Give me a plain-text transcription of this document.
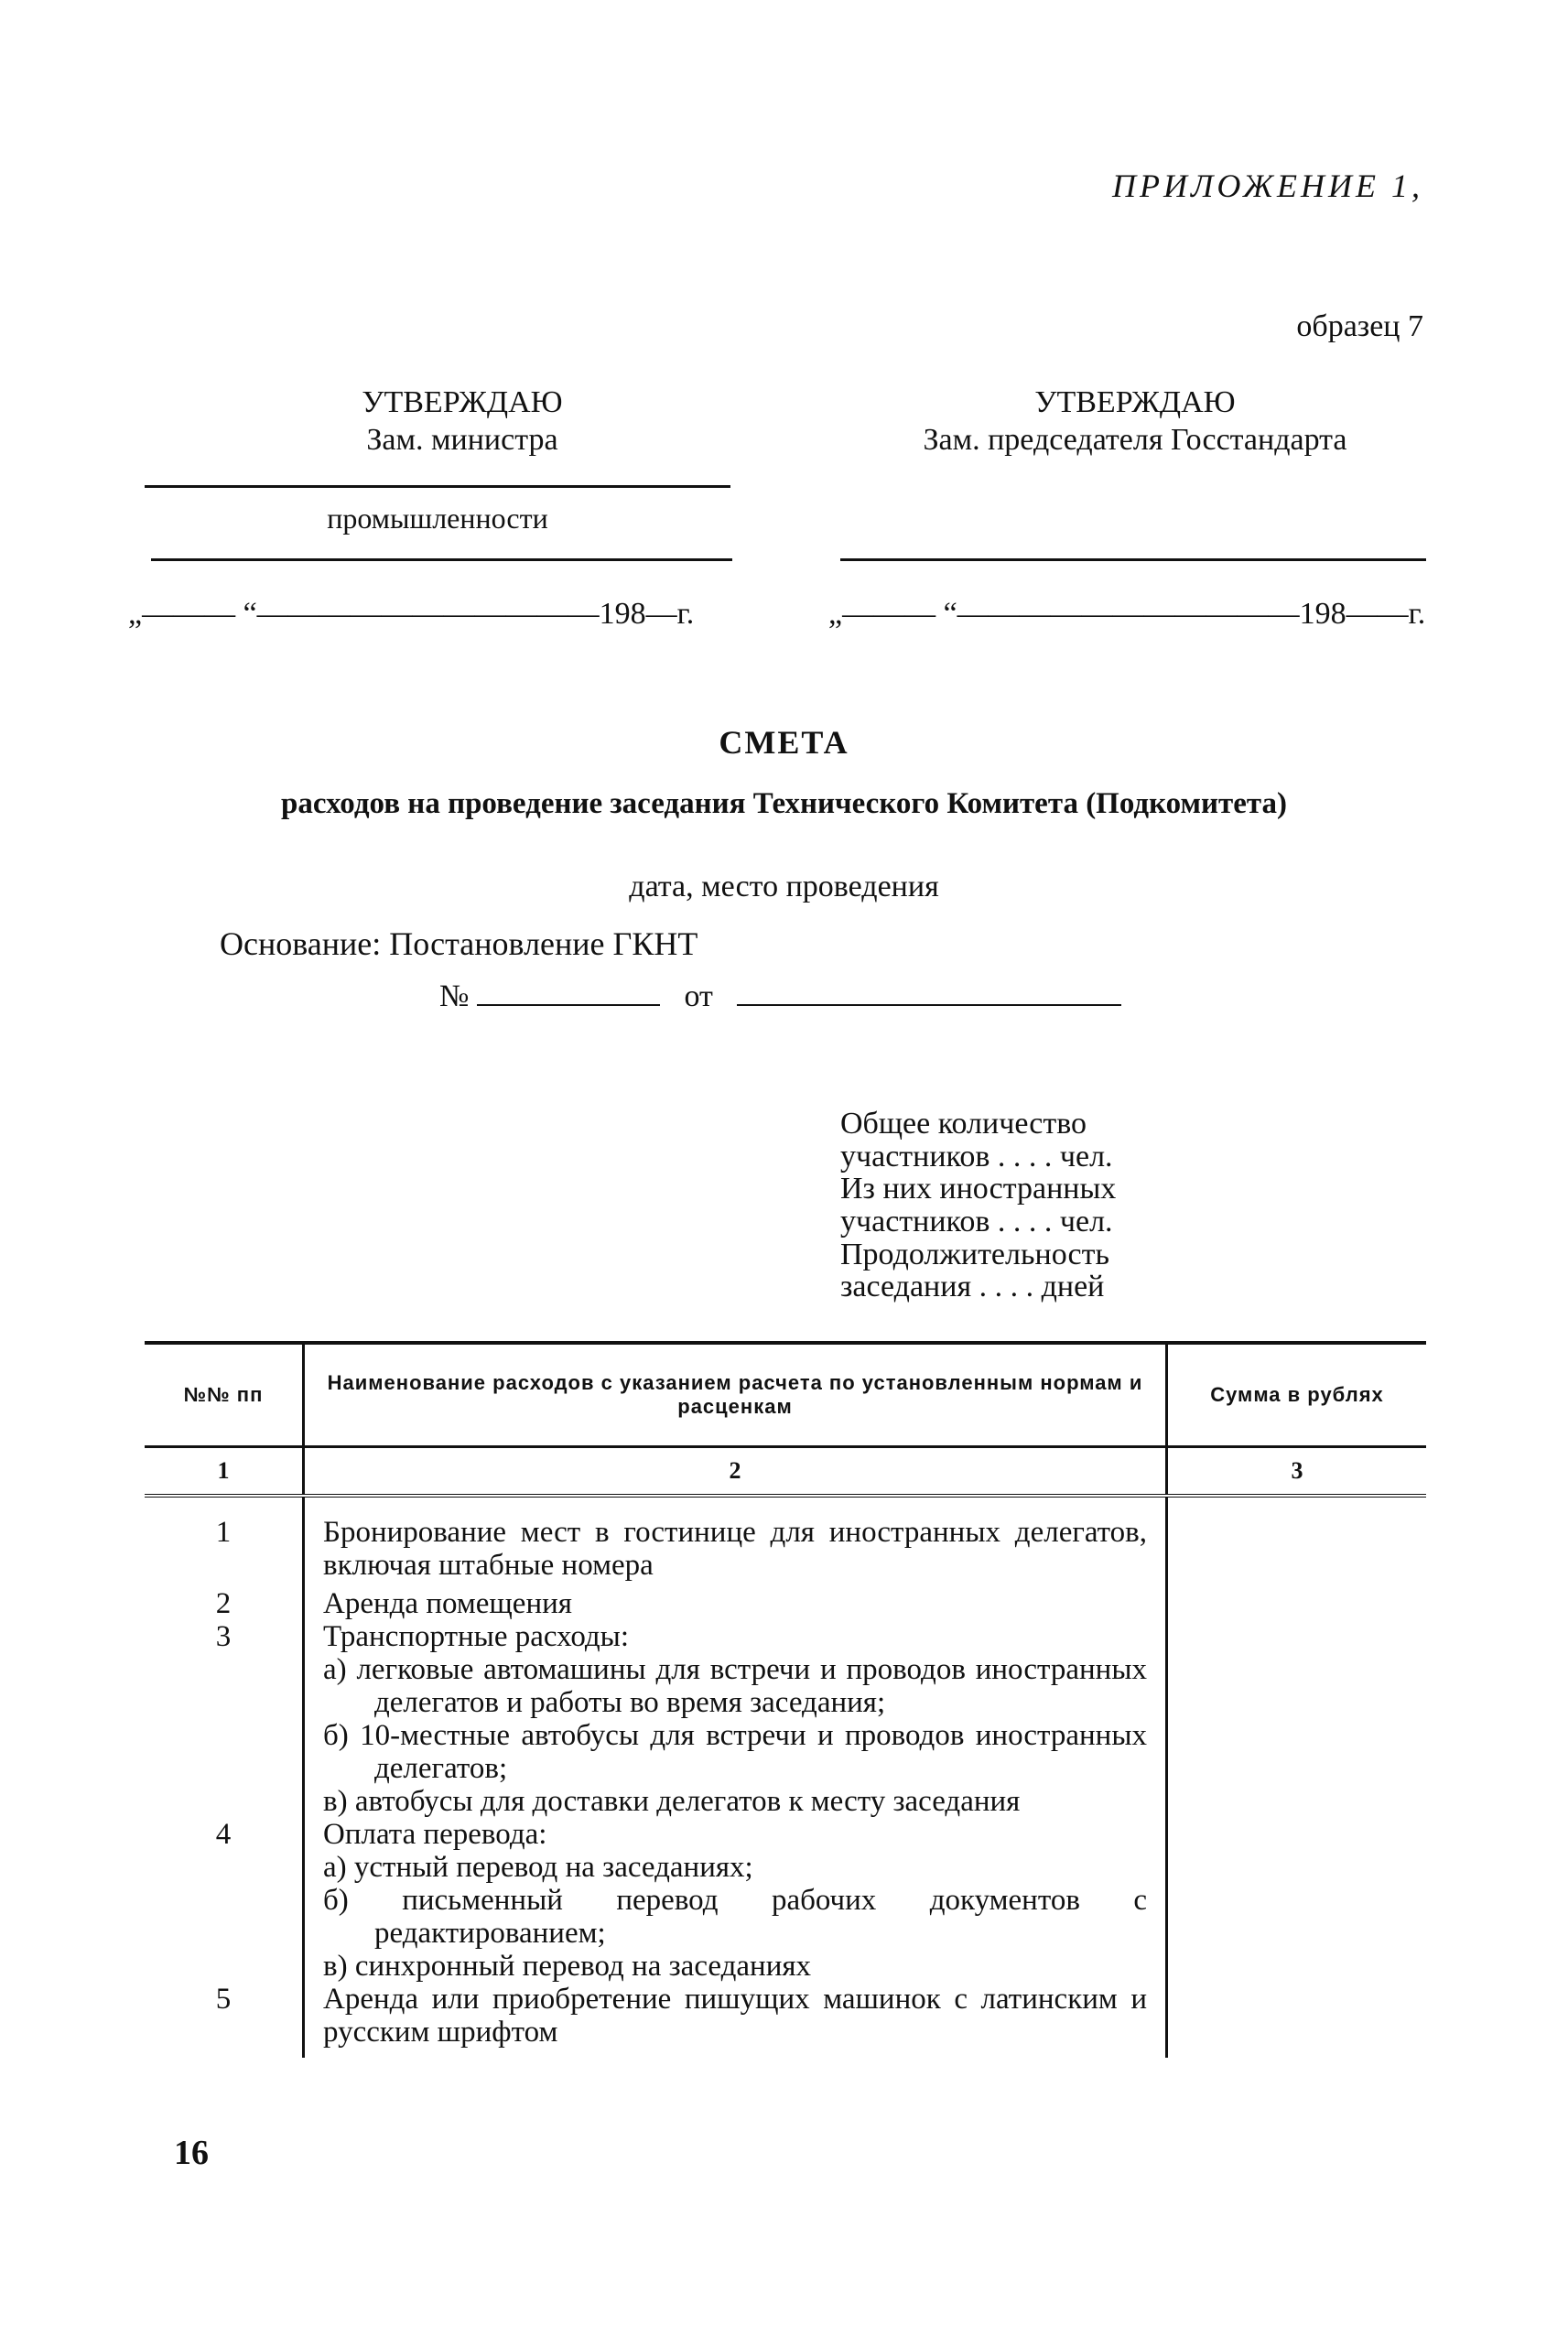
ПРИЛОЖЕНИЕ 1,
образец 7
УТВЕРЖДАЮ
Зам. министра
УТВЕРЖДАЮ
Зам. председателя Госстандарта
промышленности
„——— “———————————198—г.	„——— “———————————198——г.
СМЕТА
расходов на проведение заседания Технического Комитета (Подкомитета)
дата, место проведения
Основание: Постановление ГКНТ
№	от
Общее количество
участников . . . . чел.
Из них иностранных
участников . . . . чел.
Продолжительность
заседания . . . . дней
№№ пп	Наименование расходов с указанием расчета по установленным нормам и расценкам	Сумма в рублях
1	2	3
1	Бронирование мест в гостинице для иностранных делегатов, включая штабные номера	

2	Аренда помещения	

3	Транспортные расходы:
а) легковые автомашины для встречи и проводов иностранных делегатов и работы во время заседания;
б) 10-местные автобусы для встречи и проводов иностранных делегатов;
в) автобусы для доставки делегатов к месту заседания	

4	Оплата перевода:
а) устный перевод на заседаниях;
б) письменный перевод рабочих документов с редактированием;
в) синхронный перевод на заседаниях	

5	Аренда или приобретение пишущих машинок с латинским и русским шрифтом	

16
